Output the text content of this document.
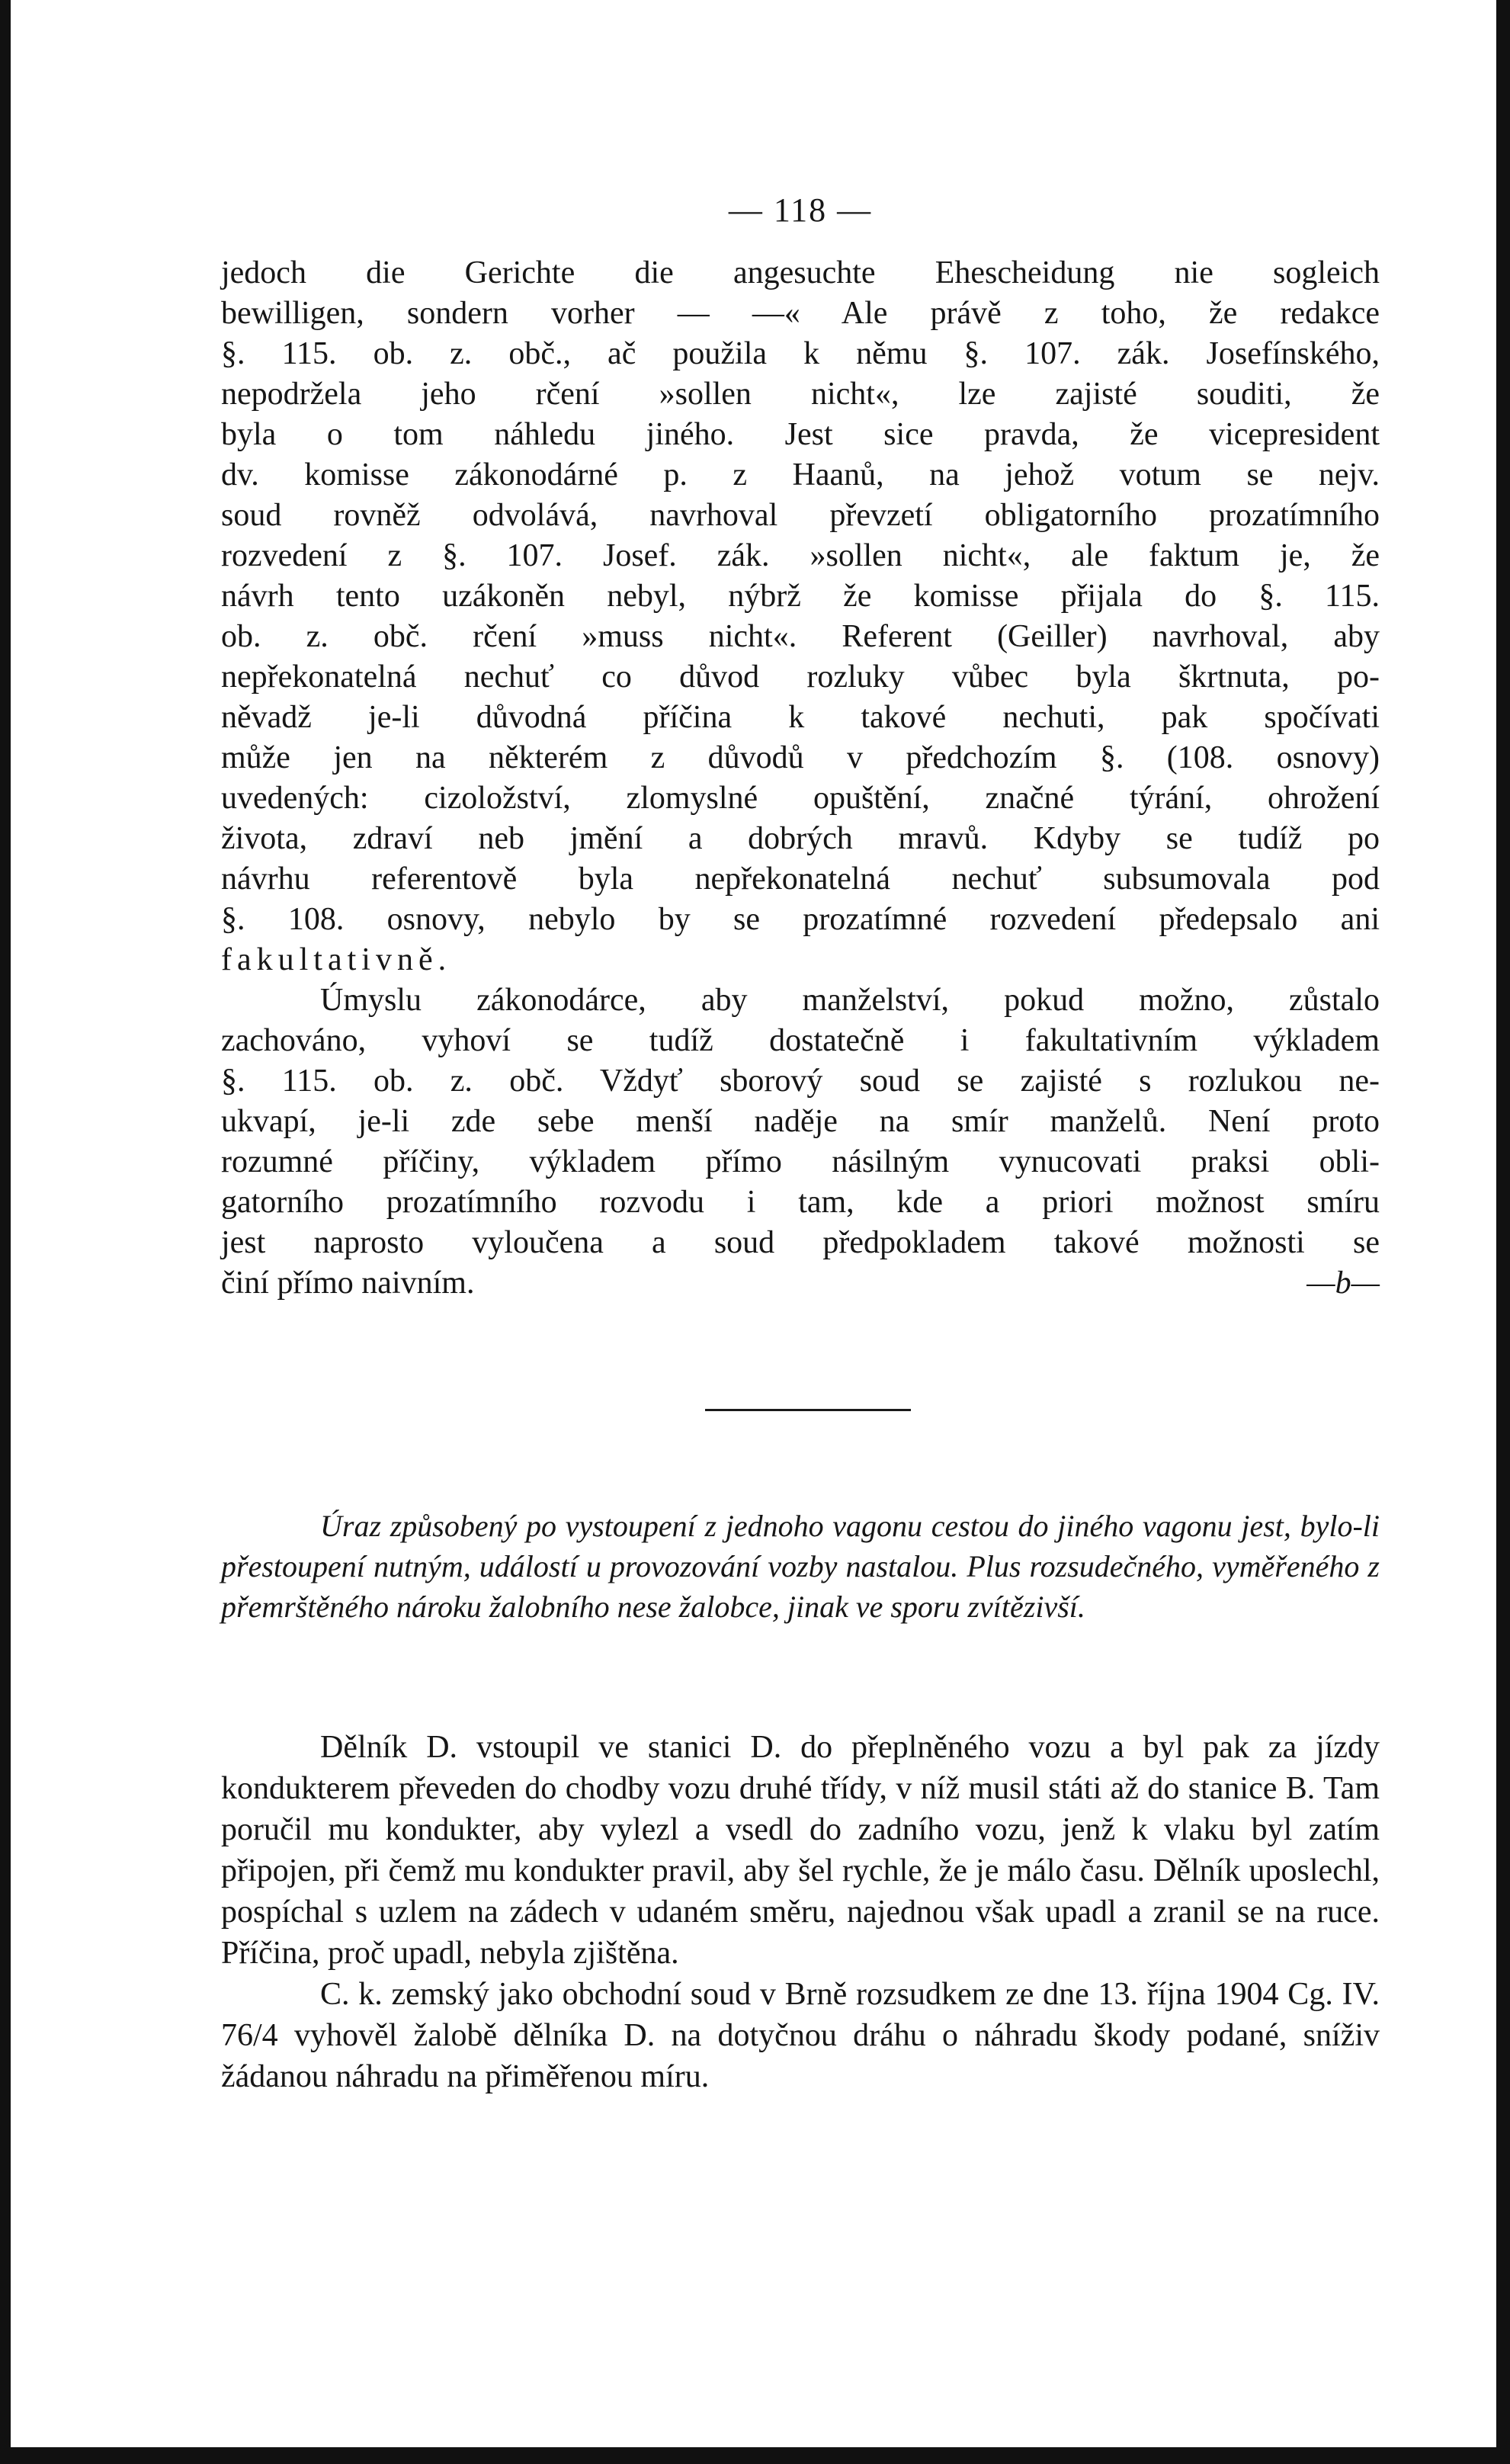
— 118 —

jedoch die Gerichte die angesuchte Ehescheidung nie sogleich

bewilligen, sondern vorher — —« Ale právě z toho, že redakce

§. 115. ob. z. obč., ač použila k němu §. 107. zák. Josefínského,

nepodržela jeho rčení »sollen nicht«, lze zajisté souditi, že

byla o tom náhledu jiného. Jest sice pravda, že vicepresident

dv. komisse zákonodárné p. z Haanů, na jehož votum se nejv.

soud rovněž odvolává, navrhoval převzetí obligatorního prozatímního

rozvedení z §. 107. Josef. zák. »sollen nicht«, ale faktum je, že

návrh tento uzákoněn nebyl, nýbrž že komisse přijala do §. 115.

ob. z. obč. rčení »muss nicht«. Referent (Geiller) navrhoval, aby

nepřekonatelná nechuť co důvod rozluky vůbec byla škrtnuta, po-

něvadž je-li důvodná příčina k takové nechuti, pak spočívati

může jen na některém z důvodů v předchozím §. (108. osnovy)

uvedených: cizoložství, zlomyslné opuštění, značné týrání, ohrožení

života, zdraví neb jmění a dobrých mravů. Kdyby se tudíž po

návrhu referentově byla nepřekonatelná nechuť subsumovala pod

§. 108. osnovy, nebylo by se prozatímné rozvedení předepsalo ani

fakultativně.

Úmyslu zákonodárce, aby manželství, pokud možno, zůstalo

zachováno, vyhoví se tudíž dostatečně i fakultativním výkladem

§. 115. ob. z. obč. Vždyť sborový soud se zajisté s rozlukou ne-

ukvapí, je-li zde sebe menší naděje na smír manželů. Není proto

rozumné příčiny, výkladem přímo násilným vynucovati praksi obli-

gatorního prozatímního rozvodu i tam, kde a priori možnost smíru

jest naprosto vyloučena a soud předpokladem takové možnosti se

činí přímo naivním.	—b—

Úraz způsobený po vystoupení z jednoho vagonu cestou do jiného vagonu jest, bylo-li přestoupení nutným, událostí u provozování vozby nastalou. Plus rozsudečného, vyměřeného z přemrštěného nároku žalobního nese žalobce, jinak ve sporu zvítězivší.

Dělník D. vstoupil ve stanici D. do přeplněného vozu a byl pak za jízdy kondukterem převeden do chodby vozu druhé třídy, v níž musil státi až do stanice B. Tam poručil mu kondukter, aby vylezl a vsedl do zadního vozu, jenž k vlaku byl zatím připojen, při čemž mu kondukter pravil, aby šel rychle, že je málo času. Dělník uposlechl, pospíchal s uzlem na zádech v udaném směru, najednou však upadl a zranil se na ruce. Příčina, proč upadl, nebyla zjištěna.

C. k. zemský jako obchodní soud v Brně rozsudkem ze dne 13. října 1904 Cg. IV. 76/4 vyhověl žalobě dělníka D. na dotyčnou dráhu o náhradu škody podané, sníživ žádanou náhradu na přiměřenou míru.
